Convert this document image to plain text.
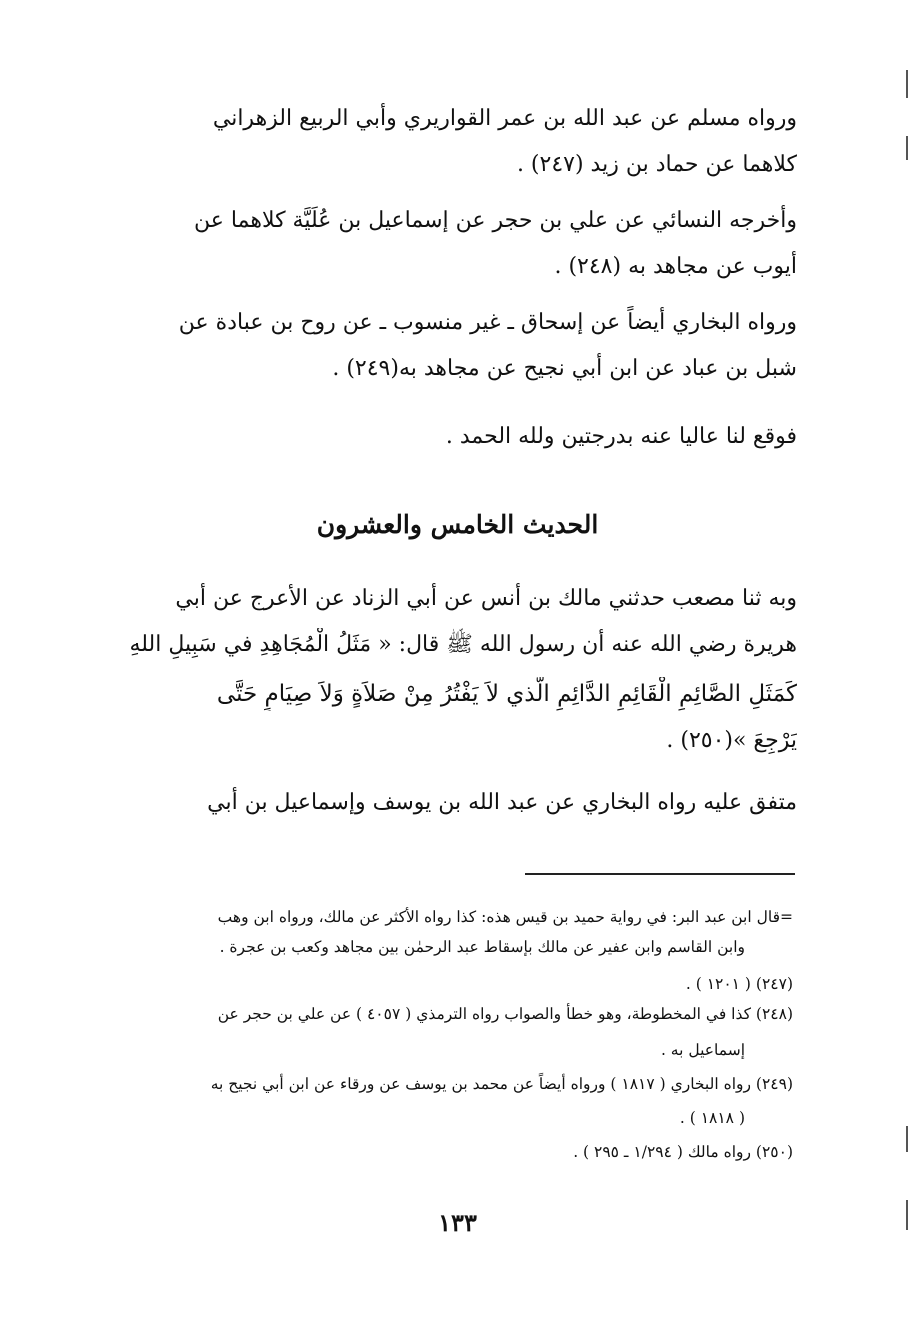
ورواه مسلم عن عبد الله بن عمر القواريري وأبي الربيع الزهراني
كلاهما عن حماد بن زيد (٢٤٧) .
وأخرجه النسائي عن علي بن حجر عن إسماعيل بن عُلَيَّة كلاهما عن
أيوب عن مجاهد به (٢٤٨) .
ورواه البخاري أيضاً عن إسحاق ـ غير منسوب ـ عن روح بن عبادة عن
شبل بن عباد عن ابن أبي نجيح عن مجاهد به(٢٤٩) .
فوقع لنا عاليا عنه بدرجتين ولله الحمد .
الحديث الخامس والعشرون
وبه ثنا مصعب حدثني مالك بن أنس عن أبي الزناد عن الأعرج عن أبي
هريرة رضي الله عنه أن رسول الله ﷺ قال: « مَثَلُ الْمُجَاهِدِ في سَبِيلِ اللهِ
كَمَثَلِ الصَّائِمِ الْقَائِمِ الدَّائِمِ الَّذي لاَ يَفْتُرُ مِنْ صَلاَةٍ وَلاَ صِيَامٍ حَتَّى
يَرْجِعَ »(٢٥٠) .
متفق عليه رواه البخاري عن عبد الله بن يوسف وإسماعيل بن أبي
=قال ابن عبد البر: في رواية حميد بن قيس هذه: كذا رواه الأكثر عن مالك، ورواه ابن وهب
وابن القاسم وابن عفير عن مالك بإسقاط عبد الرحمٰن بين مجاهد وكعب بن عجرة .
(٢٤٧) ( ١٢٠١ ) .
(٢٤٨) كذا في المخطوطة، وهو خطأ والصواب رواه الترمذي ( ٤٠٥٧ ) عن علي بن حجر عن
إسماعيل به .
(٢٤٩) رواه البخاري ( ١٨١٧ ) ورواه أيضاً عن محمد بن يوسف عن ورقاء عن ابن أبي نجيح به
( ١٨١٨ ) .
(٢٥٠) رواه مالك ( ١/٢٩٤ ـ ٢٩٥ ) .
١٣٣
